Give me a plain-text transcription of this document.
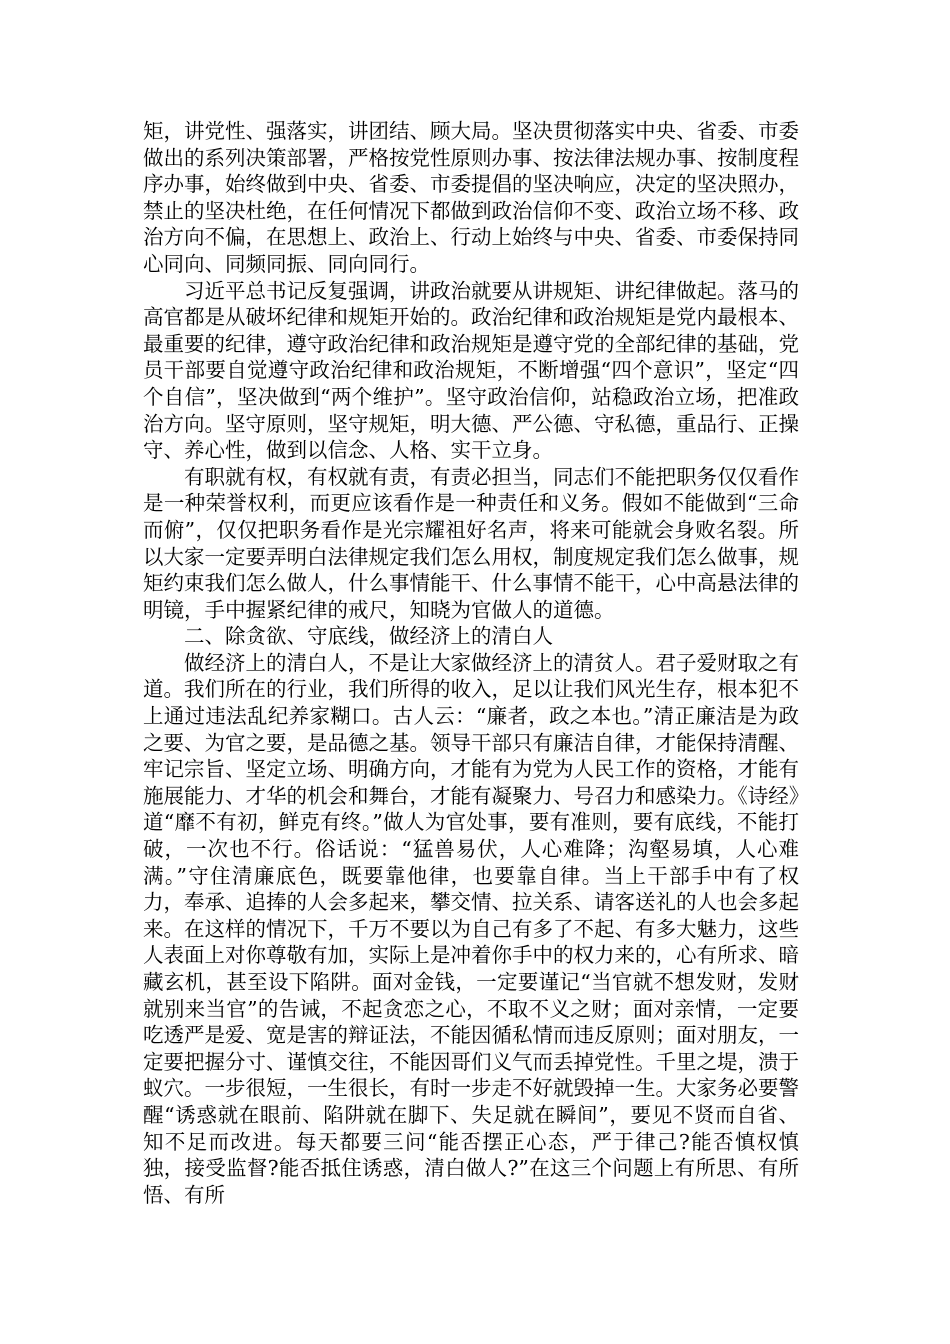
矩，讲党性、强落实，讲团结、顾大局。坚决贯彻落实中央、省委、市委做出的系列决策部署，严格按党性原则办事、按法律法规办事、按制度程序办事，始终做到中央、省委、市委提倡的坚决响应，决定的坚决照办，禁止的坚决杜绝，在任何情况下都做到政治信仰不变、政治立场不移、政治方向不偏，在思想上、政治上、行动上始终与中央、省委、市委保持同心同向、同频同振、同向同行。

习近平总书记反复强调，讲政治就要从讲规矩、讲纪律做起。落马的高官都是从破坏纪律和规矩开始的。政治纪律和政治规矩是党内最根本、最重要的纪律，遵守政治纪律和政治规矩是遵守党的全部纪律的基础，党员干部要自觉遵守政治纪律和政治规矩，不断增强“四个意识”，坚定“四个自信”，坚决做到“两个维护”。坚守政治信仰，站稳政治立场，把准政治方向。坚守原则，坚守规矩，明大德、严公德、守私德，重品行、正操守、养心性，做到以信念、人格、实干立身。

有职就有权，有权就有责，有责必担当，同志们不能把职务仅仅看作是一种荣誉权利，而更应该看作是一种责任和义务。假如不能做到“三命而俯”，仅仅把职务看作是光宗耀祖好名声，将来可能就会身败名裂。所以大家一定要弄明白法律规定我们怎么用权，制度规定我们怎么做事，规矩约束我们怎么做人，什么事情能干、什么事情不能干，心中高悬法律的明镜，手中握紧纪律的戒尺，知晓为官做人的道德。

二、除贪欲、守底线，做经济上的清白人

做经济上的清白人，不是让大家做经济上的清贫人。君子爱财取之有道。我们所在的行业，我们所得的收入，足以让我们风光生存，根本犯不上通过违法乱纪养家糊口。古人云：“廉者，政之本也。”清正廉洁是为政之要、为官之要，是品德之基。领导干部只有廉洁自律，才能保持清醒、牢记宗旨、坚定立场、明确方向，才能有为党为人民工作的资格，才能有施展能力、才华的机会和舞台，才能有凝聚力、号召力和感染力。《诗经》道“靡不有初，鲜克有终。”做人为官处事，要有准则，要有底线，不能打破，一次也不行。俗话说：“猛兽易伏，人心难降；沟壑易填，人心难满。”守住清廉底色，既要靠他律，也要靠自律。当上干部手中有了权力，奉承、追捧的人会多起来，攀交情、拉关系、请客送礼的人也会多起来。在这样的情况下，千万不要以为自己有多了不起、有多大魅力，这些人表面上对你尊敬有加，实际上是冲着你手中的权力来的，心有所求、暗藏玄机，甚至设下陷阱。面对金钱，一定要谨记“当官就不想发财，发财就别来当官”的告诫，不起贪恋之心，不取不义之财；面对亲情，一定要吃透严是爱、宽是害的辩证法，不能因循私情而违反原则；面对朋友，一定要把握分寸、谨慎交往，不能因哥们义气而丢掉党性。千里之堤，溃于蚁穴。一步很短，一生很长，有时一步走不好就毁掉一生。大家务必要警醒“诱惑就在眼前、陷阱就在脚下、失足就在瞬间”，要见不贤而自省、知不足而改进。每天都要三问“能否摆正心态，严于律己?能否慎权慎独，接受监督?能否抵住诱惑，清白做人?”在这三个问题上有所思、有所悟、有所
